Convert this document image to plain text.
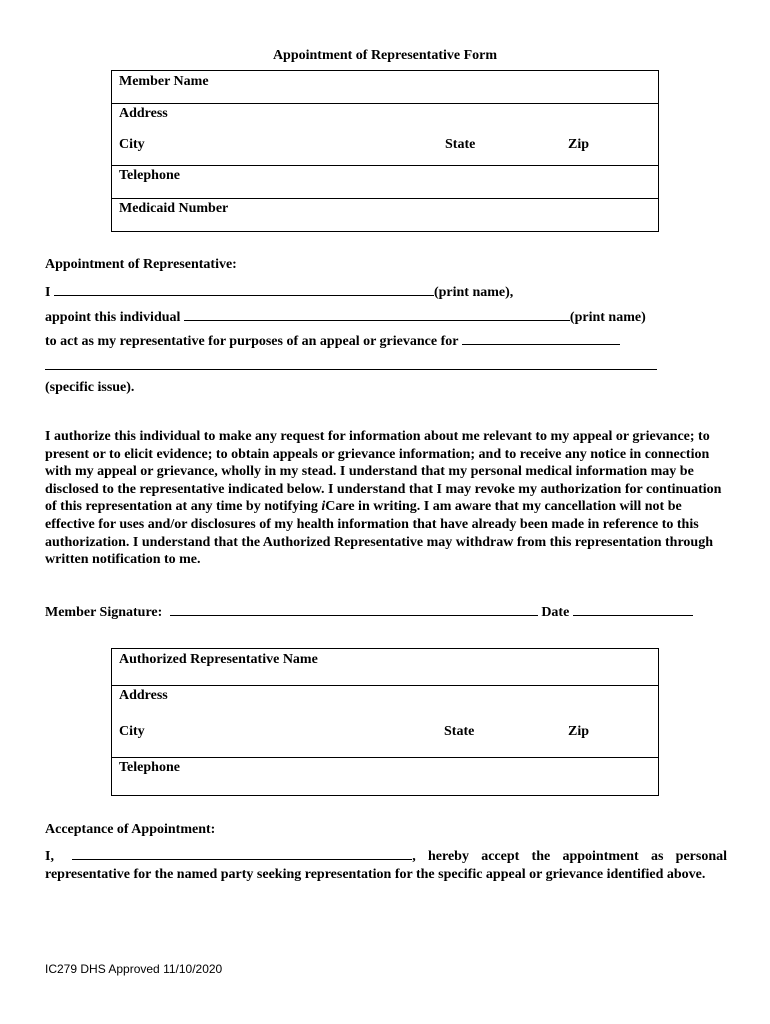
Appointment of Representative Form
Member Name
Address
City	State	Zip
Telephone
Medicaid Number
Appointment of Representative:
I	(print name),
appoint this individual	(print name)
to act as my representative for purposes of an appeal or grievance for
(specific issue).
I authorize this individual to make any request for information about me relevant to my appeal or grievance; to present or to elicit evidence; to obtain appeals or grievance information; and to receive any notice in connection with my appeal or grievance, wholly in my stead. I understand that my personal medical information may be disclosed to the representative indicated below. I understand that I may revoke my authorization for continuation of this representation at any time by notifying iCare in writing. I am aware that my cancellation will not be effective for uses and/or disclosures of my health information that have already been made in reference to this authorization. I understand that the Authorized Representative may withdraw from this representation through written notification to me.
Member Signature:	Date
Authorized Representative Name
Address
City	State	Zip
Telephone
Acceptance of Appointment:
I,	, hereby accept the appointment as personal representative for the named party seeking representation for the specific appeal or grievance identified above.
IC279 DHS Approved 11/10/2020
